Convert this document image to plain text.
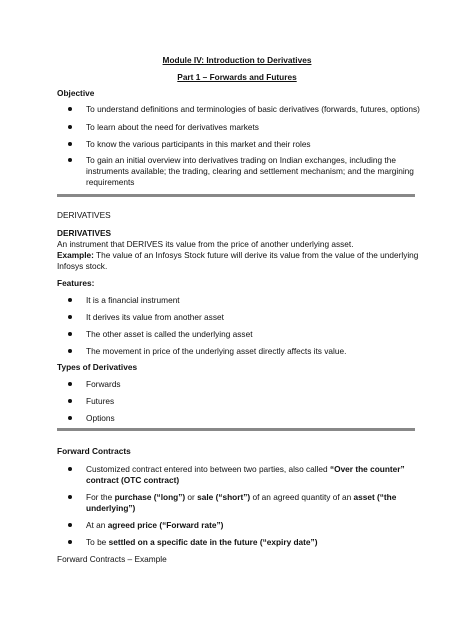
Module IV: Introduction to Derivatives
Part 1 – Forwards and Futures
Objective
To understand definitions and terminologies of basic derivatives (forwards, futures, options)
To learn about the need for derivatives markets
To know the various participants in this market and their roles
To gain an initial overview into derivatives trading on Indian exchanges, including the
instruments available; the trading, clearing and settlement mechanism; and the margining
requirements
DERIVATIVES
DERIVATIVES
An instrument that DERIVES its value from the price of another underlying asset.
Example: The value of an Infosys Stock future will derive its value from the value of the underlying
Infosys stock.
Features:
It is a financial instrument
It derives its value from another asset
The other asset is called the underlying asset
The movement in price of the underlying asset directly affects its value.
Types of Derivatives
Forwards
Futures
Options
Forward Contracts
Customized contract entered into between two parties, also called “Over the counter”
contract (OTC contract)
For the purchase (“long”) or sale (“short”) of an agreed quantity of an asset (“the
underlying”)
At an agreed price (“Forward rate”)
To be settled on a specific date in the future (“expiry date”)
Forward Contracts – Example
